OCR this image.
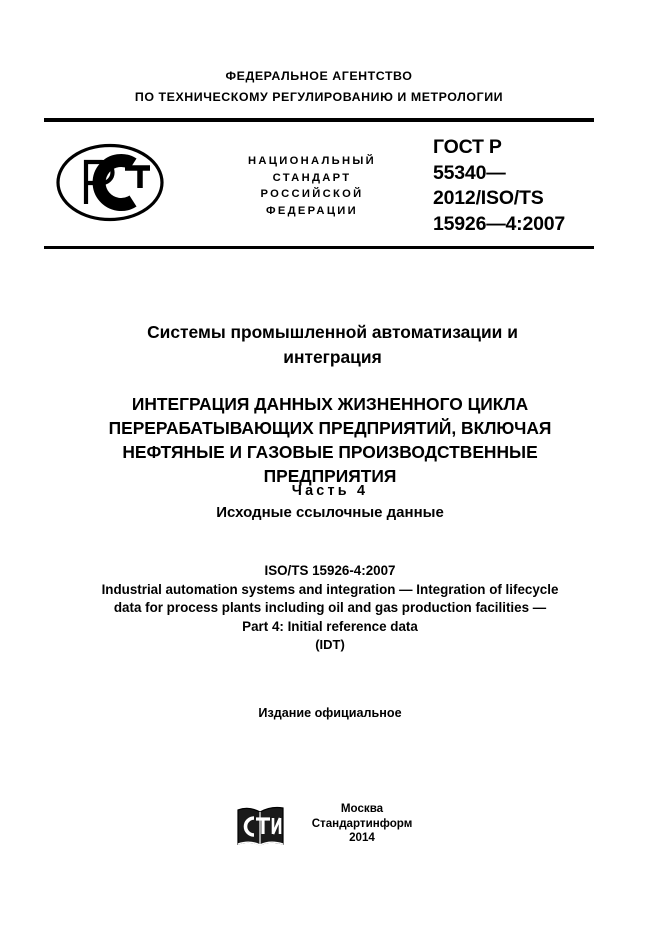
ФЕДЕРАЛЬНОЕ АГЕНТСТВО
ПО ТЕХНИЧЕСКОМУ РЕГУЛИРОВАНИЮ И МЕТРОЛОГИИ
НАЦИОНАЛЬНЫЙ
СТАНДАРТ
РОССИЙСКОЙ
ФЕДЕРАЦИИ
ГОСТ Р
55340—
2012/ISO/TS
15926—4:2007
Системы промышленной автоматизации и
интеграция
ИНТЕГРАЦИЯ ДАННЫХ ЖИЗНЕННОГО ЦИКЛА
ПЕРЕРАБАТЫВАЮЩИХ ПРЕДПРИЯТИЙ, ВКЛЮЧАЯ
НЕФТЯНЫЕ И ГАЗОВЫЕ ПРОИЗВОДСТВЕННЫЕ
ПРЕДПРИЯТИЯ
Часть 4
Исходные ссылочные данные
ISO/TS 15926-4:2007
Industrial automation systems and integration — Integration of lifecycle
data for process plants including oil and gas production facilities —
Part 4: Initial reference data
(IDT)
Издание официальное
Москва
Стандартинформ
2014
